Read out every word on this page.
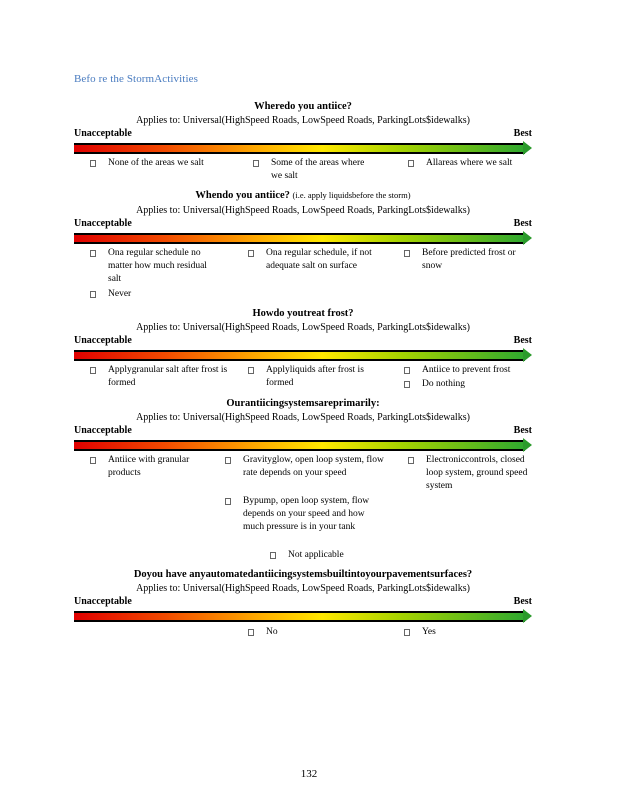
Befo re the StormActivities
Wheredo you antiice?
Applies to: Universal(HighSpeed Roads, LowSpeed Roads, ParkingLots$idewalks)
Unacceptable	Best
None of the areas we salt	Some of the areas where we salt
Allareas where we salt
Whendo you antiice? (i.e. apply liquidsbefore the storm)
Applies to: Universal(HighSpeed Roads, LowSpeed Roads, ParkingLots$idewalks)
Unacceptable	Best
Ona regular schedule no matter how much residual salt
Never
Ona regular schedule, if not adequate salt on surface
Before predicted frost or snow
Howdo youtreat frost?
Applies to: Universal(HighSpeed Roads, LowSpeed Roads, ParkingLots$idewalks)
Unacceptable	Best
Applygranular salt after frost is formed
Applyliquids after frost is formed
Antiice to prevent frost
Do nothing
Ourantiicingsystemsareprimarily:
Applies to: Universal(HighSpeed Roads, LowSpeed Roads, ParkingLots$idewalks)
Unacceptable	Best
Antiice with granular products
Gravityglow, open loop system, flow rate depends on your speed
Bypump, open loop system, flow depends on your speed and how much pressure is in your tank
Not applicable
Electroniccontrols, closed loop system, ground speed system
Doyou have anyautomatedantiicingsystemsbuiltintoyourpavementsurfaces?
Applies to: Universal(HighSpeed Roads, LowSpeed Roads, ParkingLots$idewalks)
Unacceptable	Best
No	Yes
132
